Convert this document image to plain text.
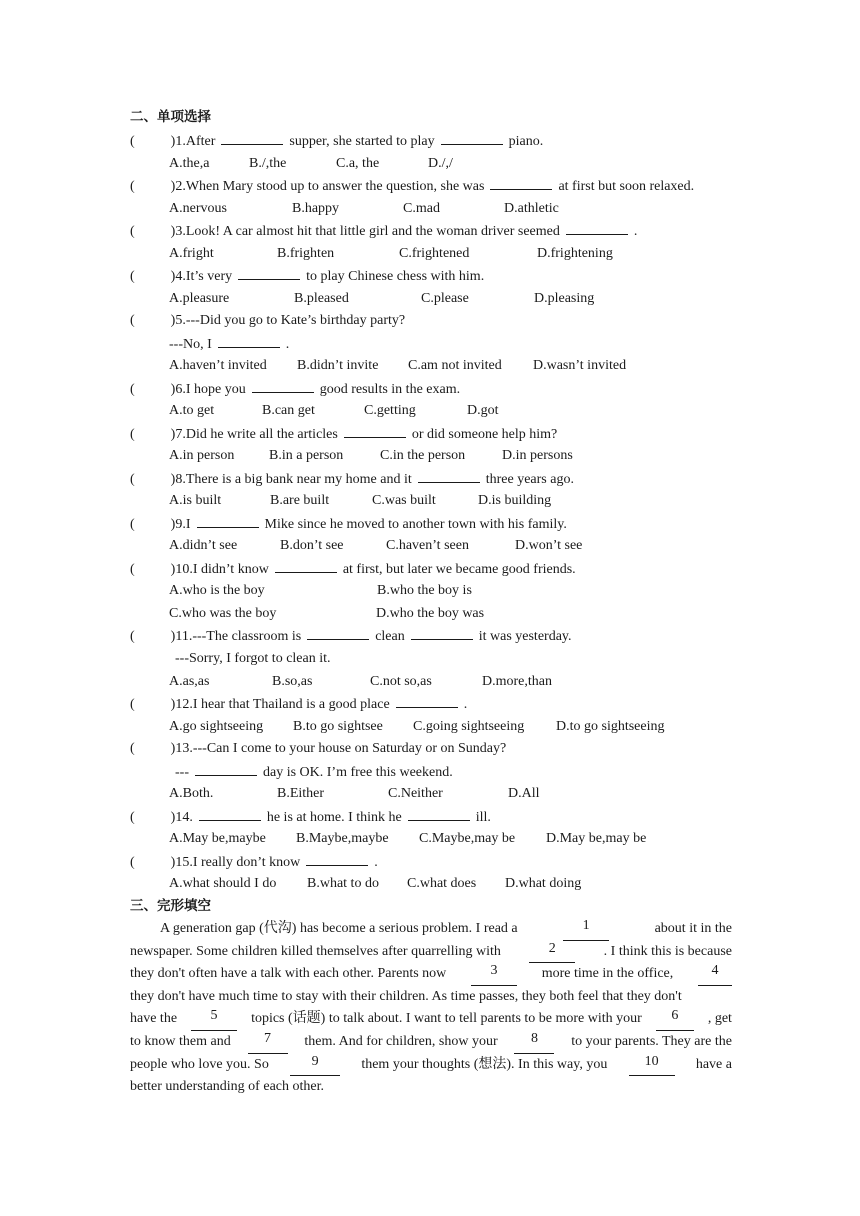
二、单项选择
(	)1.After	supper, she started to play	piano.
A.the,a	B./,the	C.a, the	D./,/
(	)2.When Mary stood up to answer the question, she was	at first but soon relaxed.
A.nervous	B.happy	C.mad	D.athletic
(	)3.Look! A car almost hit that little girl and the woman driver seemed	.
A.fright	B.frighten	C.frightened	D.frightening
(	)4.It’s very	to play Chinese chess with him.
A.pleasure	B.pleased	C.please	D.pleasing
(	)5.---Did you go to Kate’s birthday party?
---No, I	.
A.haven’t invited B.didn’t invite C.am not invited D.wasn’t invited
(	)6.I hope you	good results in the exam.
A.to get	B.can get	C.getting	D.got
(	)7.Did he write all the articles	or did someone help him?
A.in person B.in a person	C.in the person	D.in persons
(	)8.There is a big bank near my home and it	three years ago.
A.is built	B.are built	C.was built	D.is building
(	)9.I	Mike since he moved to another town with his family.
A.didn’t see	B.don’t see	C.haven’t seen	D.won’t see
(	)10.I didn’t know	at first, but later we became good friends.
A.who is the boy	B.who the boy is
C.who was the boy	D.who the boy was
(	)11.---The classroom is	clean	it was yesterday.
---Sorry, I forgot to clean it.
A.as,as	B.so,as	C.not so,as	D.more,than
(	)12.I hear that Thailand is a good place	.
A.go sightseeing B.to go sightsee C.going sightseeing D.to go sightseeing
(	)13.---Can I come to your house on Saturday or on Sunday?
---	day is OK. I’m free this weekend.
A.Both.	B.Either	C.Neither	D.All
(	)14.	he is at home. I think he	ill.
A.May be,maybe B.Maybe,maybe C.Maybe,may be D.May be,may be
(	)15.I really don’t know	.
A.what should I do B.what to do C.what does D.what doing
三、完形填空
A generation gap (代沟) has become a serious problem. I read a	1	about it in the
newspaper. Some children killed themselves after quarrelling with	2	. I think this is because
they don't often have a talk with each other. Parents now	3	more time in the office,	4
they don't have much time to stay with their children. As time passes, they both feel that they don't
have the	5	topics (话题) to talk about. I want to tell parents to be more with your	6	, get
to know them and	7	them. And for children, show your	8	to your parents. They are the
people who love you. So	9	them your thoughts (想法). In this way, you	10	have a
better understanding of each other.
